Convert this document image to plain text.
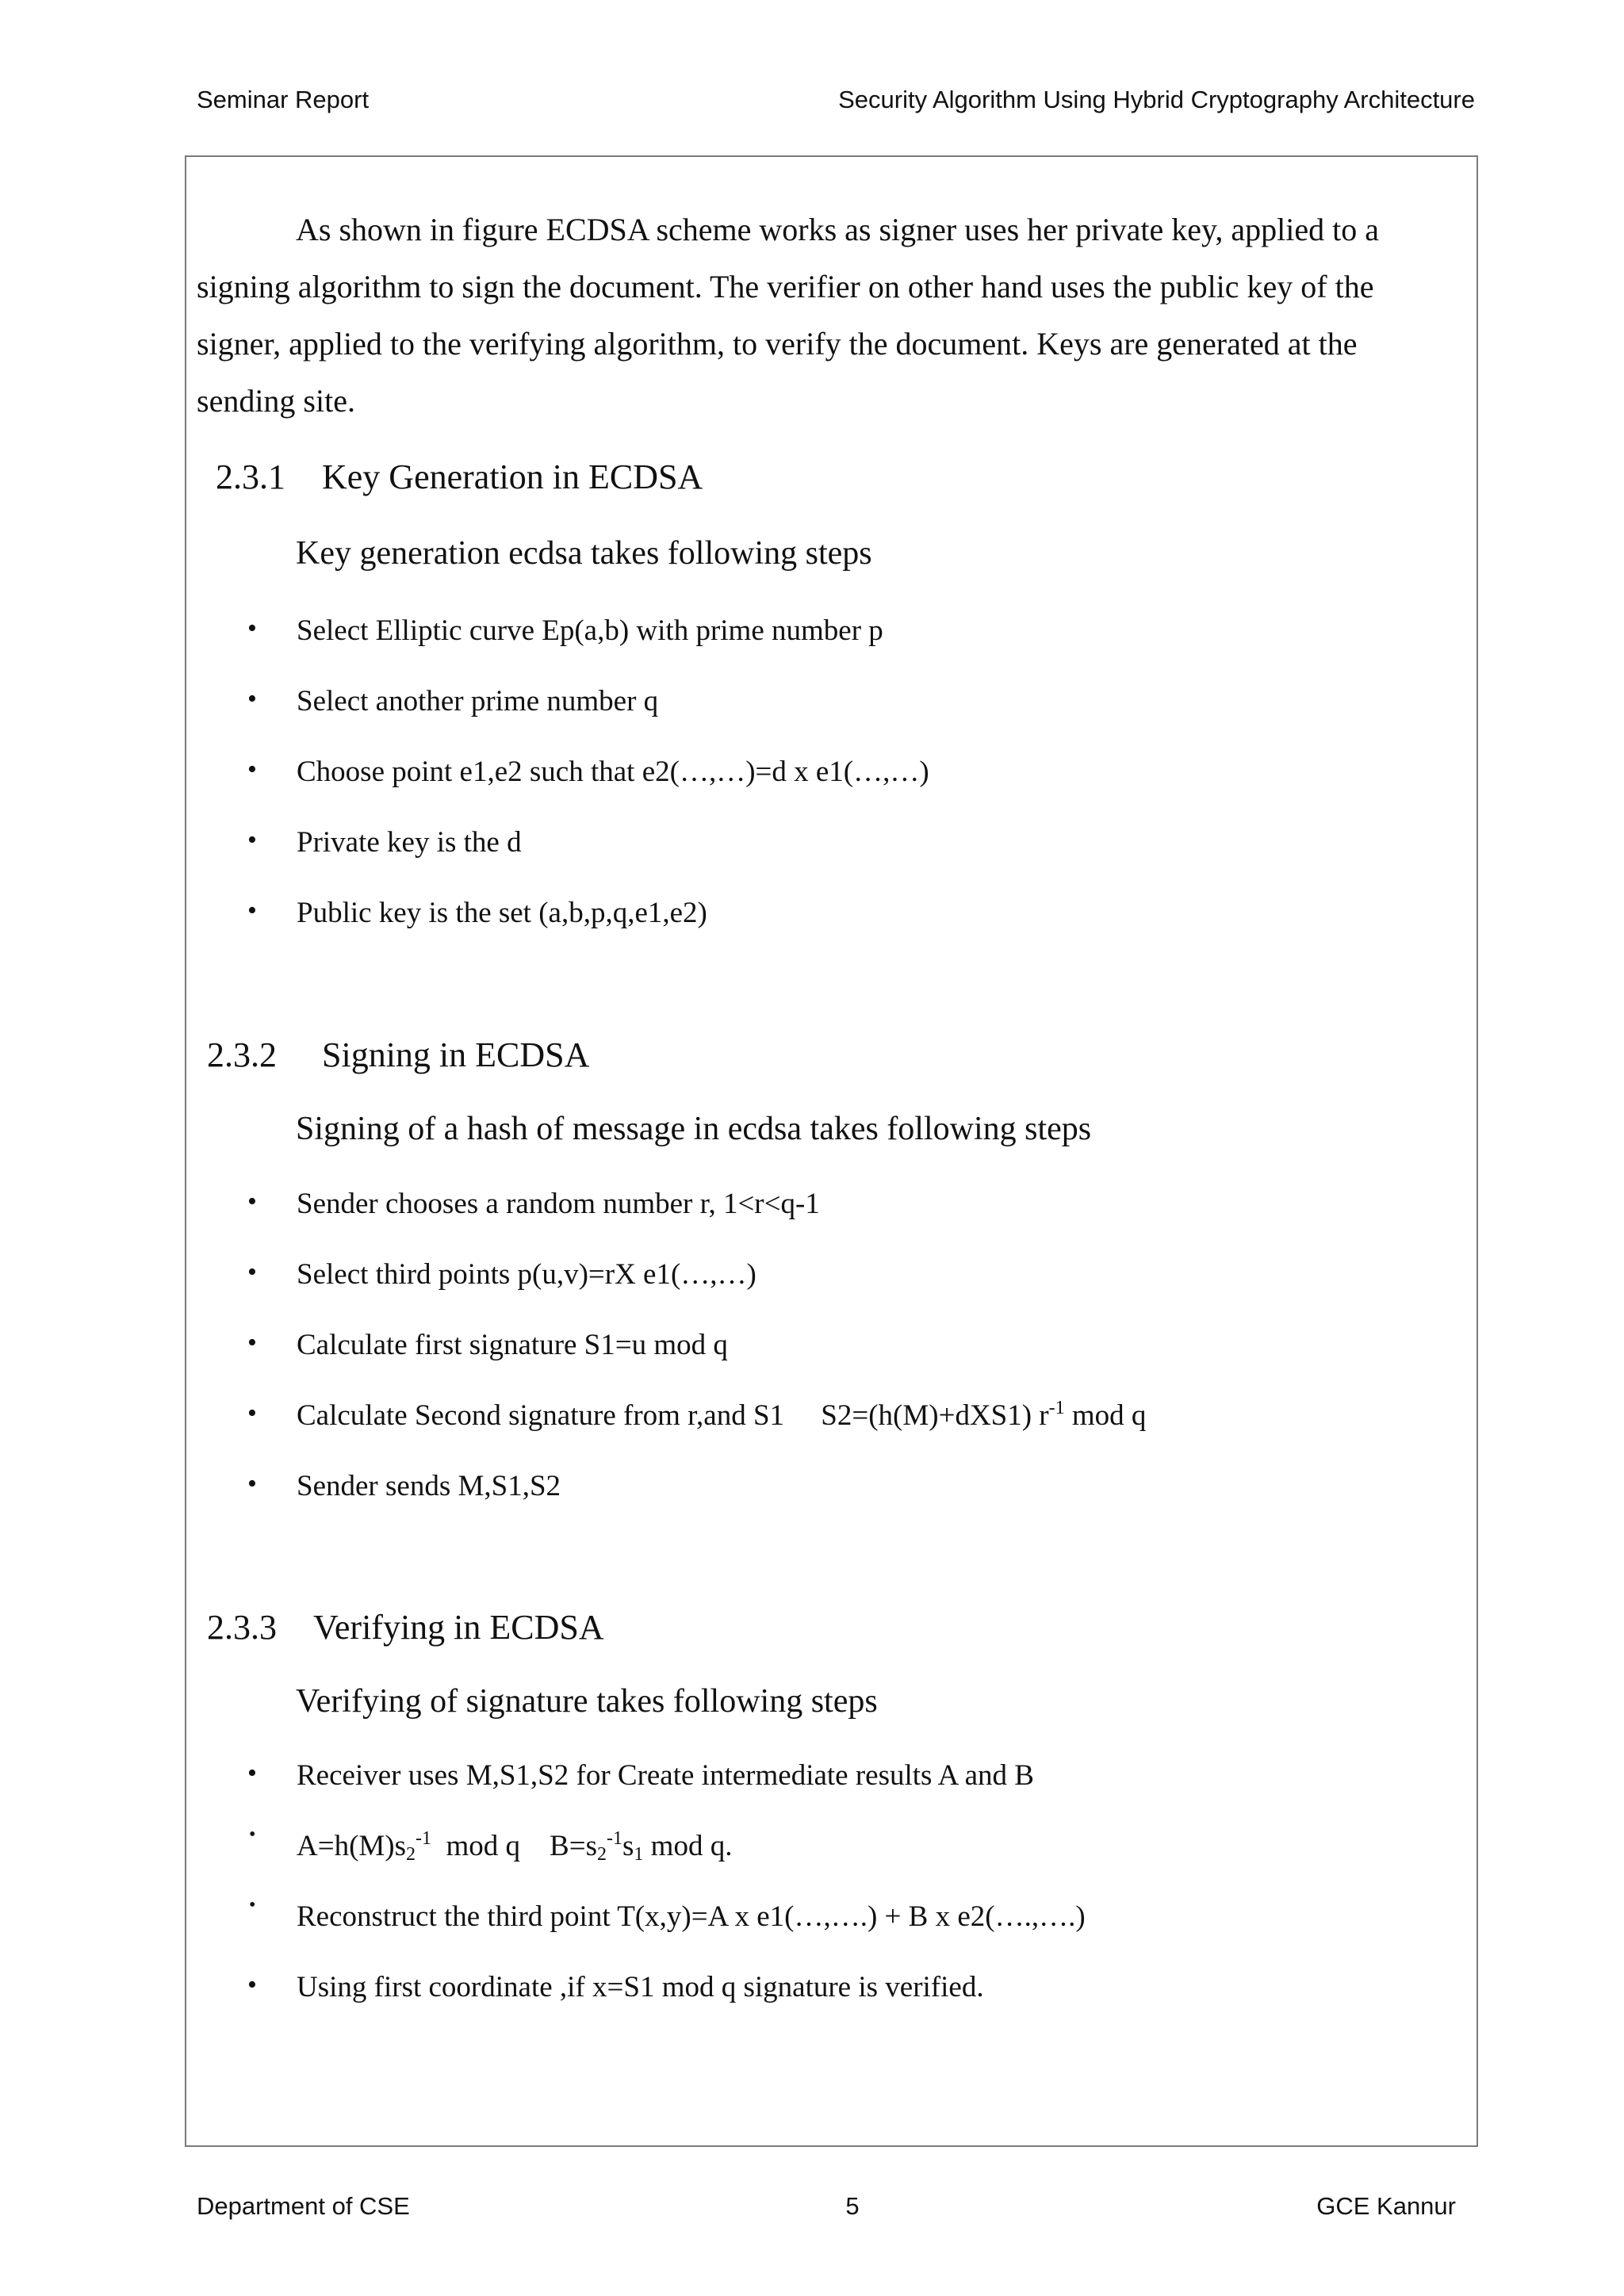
Seminar Report	Security Algorithm Using Hybrid Cryptography Architecture

As shown in figure ECDSA scheme works as signer uses her private key, applied to a signing algorithm to sign the document. The verifier on other hand uses the public key of the signer, applied to the verifying algorithm, to verify the document. Keys are generated at the sending site.

2.3.1 Key Generation in ECDSA
Key generation ecdsa takes following steps
• Select Elliptic curve Ep(a,b) with prime number p
• Select another prime number q
• Choose point e1,e2 such that e2(…,…)=d x e1(…,…)
• Private key is the d
• Public key is the set (a,b,p,q,e1,e2)
2.3.2 Signing in ECDSA
Signing of a hash of message in ecdsa takes following steps
• Sender chooses a random number r, 1<r<q-1
• Select third points p(u,v)=rX e1(…,…)
• Calculate first signature S1=u mod q
• Calculate Second signature from r,and S1     S2=(h(M)+dXS1) $r^{-1}$ mod q
• Sender sends M,S1,S2
2.3.3 Verifying in ECDSA
Verifying of signature takes following steps
• Receiver uses M,S1,S2 for Create intermediate results A and B
• $A=h(M)s_2^{-1}$  mod q    $B=s_2^{-1}s_1$ mod q.
• Reconstruct the third point T(x,y)=A x e1(…,….) + B x e2(….,….)
• Using first coordinate ,if x=S1 mod q signature is verified.
Department of CSE	5	GCE Kannur
